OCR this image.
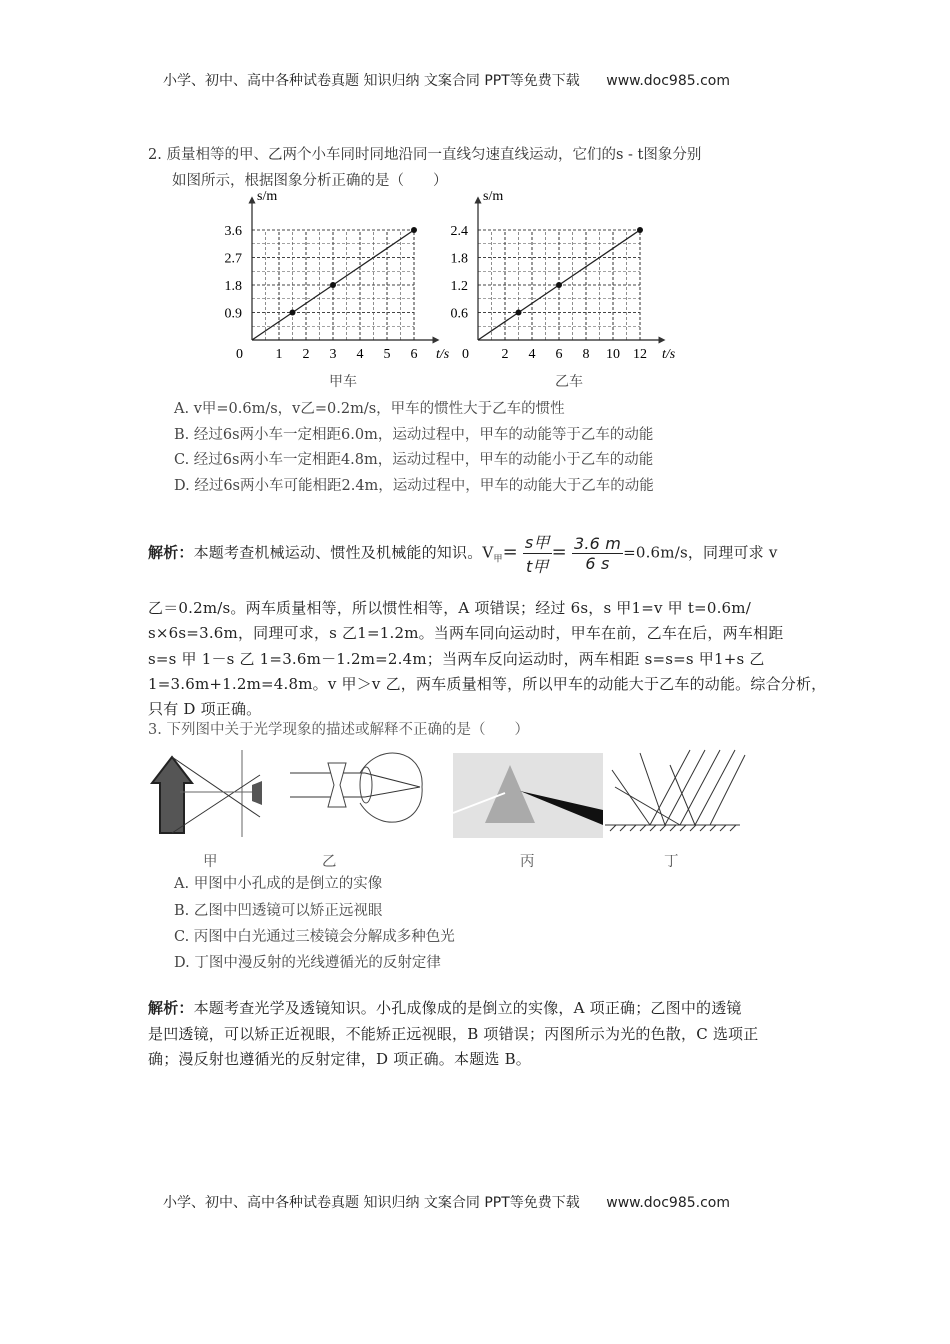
小学、初中、高中各种试卷真题 知识归纳 文案合同 PPT等免费下载 www.doc985.com
2. 质量相等的甲、乙两个小车同时同地沿同一直线匀速直线运动，它们的s - t图象分别
如图所示，根据图象分析正确的是（　　）
s/m
t/s
0 1 2 3 4 5 6
0.9
1.8
2.7
3.6
甲车
s/m
t/s
0 2 4 6 8 10 12
0.6
1.2
1.8
2.4
乙车
A. v甲=0.6m/s，v乙=0.2m/s，甲车的惯性大于乙车的惯性
B. 经过6s两小车一定相距6.0m，运动过程中，甲车的动能等于乙车的动能
C. 经过6s两小车一定相距4.8m，运动过程中，甲车的动能小于乙车的动能
D. 经过6s两小车可能相距2.4m，运动过程中，甲车的动能大于乙车的动能
解析：本题考查机械运动、惯性及机械能的知识。$V_甲= \frac{\text{s甲}}{\text{t甲}} = \frac{3.6 m}{6 s} =0.6m/s$，同理可求 v
乙＝0.2m/s。两车质量相等，所以惯性相等，A 项错误；经过 6s，s 甲1=v 甲 t=0.6m/
s×6s=3.6m，同理可求，s 乙1=1.2m。当两车同向运动时，甲车在前，乙车在后，两车相距
s=s 甲 1－s 乙 1=3.6m－1.2m=2.4m；当两车反向运动时，两车相距 s=s=s 甲1+s 乙
1=3.6m+1.2m=4.8m。v 甲＞v 乙，两车质量相等，所以甲车的动能大于乙车的动能。综合分析，
只有 D 项正确。
3. 下列图中关于光学现象的描述或解释不正确的是（　　）
甲	乙	丙	丁
A. 甲图中小孔成的是倒立的实像
B. 乙图中凹透镜可以矫正远视眼
C. 丙图中白光通过三棱镜会分解成多种色光
D. 丁图中漫反射的光线遵循光的反射定律
解析：本题考查光学及透镜知识。小孔成像成的是倒立的实像，A 项正确；乙图中的透镜
是凹透镜，可以矫正近视眼，不能矫正远视眼，B 项错误；丙图所示为光的色散，C 选项正
确；漫反射也遵循光的反射定律，D 项正确。本题选 B。
小学、初中、高中各种试卷真题 知识归纳 文案合同 PPT等免费下载 www.doc985.com
